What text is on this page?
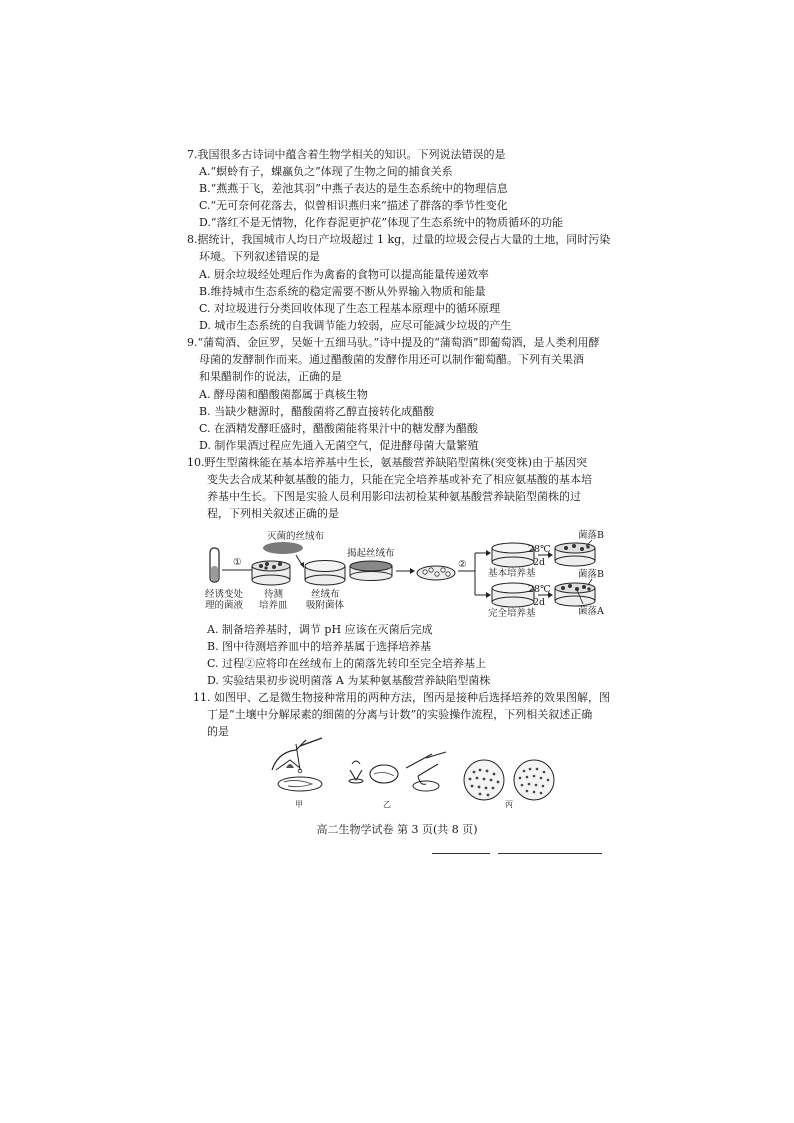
7.我国很多古诗词中蕴含着生物学相关的知识。下列说法错误的是
A.“螟蛉有子，蜾蠃负之”体现了生物之间的捕食关系
B.“燕燕于飞，差池其羽”中燕子表达的是生态系统中的物理信息
C.“无可奈何花落去，似曾相识燕归来”描述了群落的季节性变化
D.“落红不是无情物，化作春泥更护花”体现了生态系统中的物质循环的功能
8.据统计，我国城市人均日产垃圾超过 1 kg，过量的垃圾会侵占大量的土地，同时污染
环境。下列叙述错误的是
A. 厨余垃圾经处理后作为禽畜的食物可以提高能量传递效率
B.维持城市生态系统的稳定需要不断从外界输入物质和能量
C. 对垃圾进行分类回收体现了生态工程基本原理中的循环原理
D. 城市生态系统的自我调节能力较弱，应尽可能减少垃圾的产生
9.“蒲萄酒、金叵罗，吴姬十五细马驮。”诗中提及的“蒲萄酒”即葡萄酒，是人类利用酵
母菌的发酵制作而来。通过醋酸菌的发酵作用还可以制作葡萄醋。下列有关果酒
和果醋制作的说法，正确的是
A. 酵母菌和醋酸菌都属于真核生物
B. 当缺少糖源时，醋酸菌将乙醇直接转化成醋酸
C. 在酒精发酵旺盛时，醋酸菌能将果汁中的糖发酵为醋酸
D. 制作果酒过程应先通入无菌空气，促进酵母菌大量繁殖
10.野生型菌株能在基本培养基中生长，氨基酸营养缺陷型菌株(突变株)由于基因突
变失去合成某种氨基酸的能力，只能在完全培养基或补充了相应氨基酸的基本培
养基中生长。下图是实验人员利用影印法初检某种氨基酸营养缺陷型菌株的过
程，下列相关叙述正确的是
灭菌的丝绒布
揭起丝绒布
①	②
经诱变处
理的菌液
待测
培养皿
丝绒布
吸附菌体
基本培养基
完全培养基
28℃
2d
28℃
2d
菌落B
菌落B
菌落A
A. 制备培养基时，调节 pH 应该在灭菌后完成
B. 图中待测培养皿中的培养基属于选择培养基
C. 过程②应将印在丝绒布上的菌落先转印至完全培养基上
D. 实验结果初步说明菌落 A 为某种氨基酸营养缺陷型菌株
11. 如图甲、乙是微生物接种常用的两种方法，图丙是接种后选择培养的效果图解，图
丁是“土壤中分解尿素的细菌的分离与计数”的实验操作流程，下列相关叙述正确
的是
甲	乙	丙
高二生物学试卷 第 3 页(共 8 页)
